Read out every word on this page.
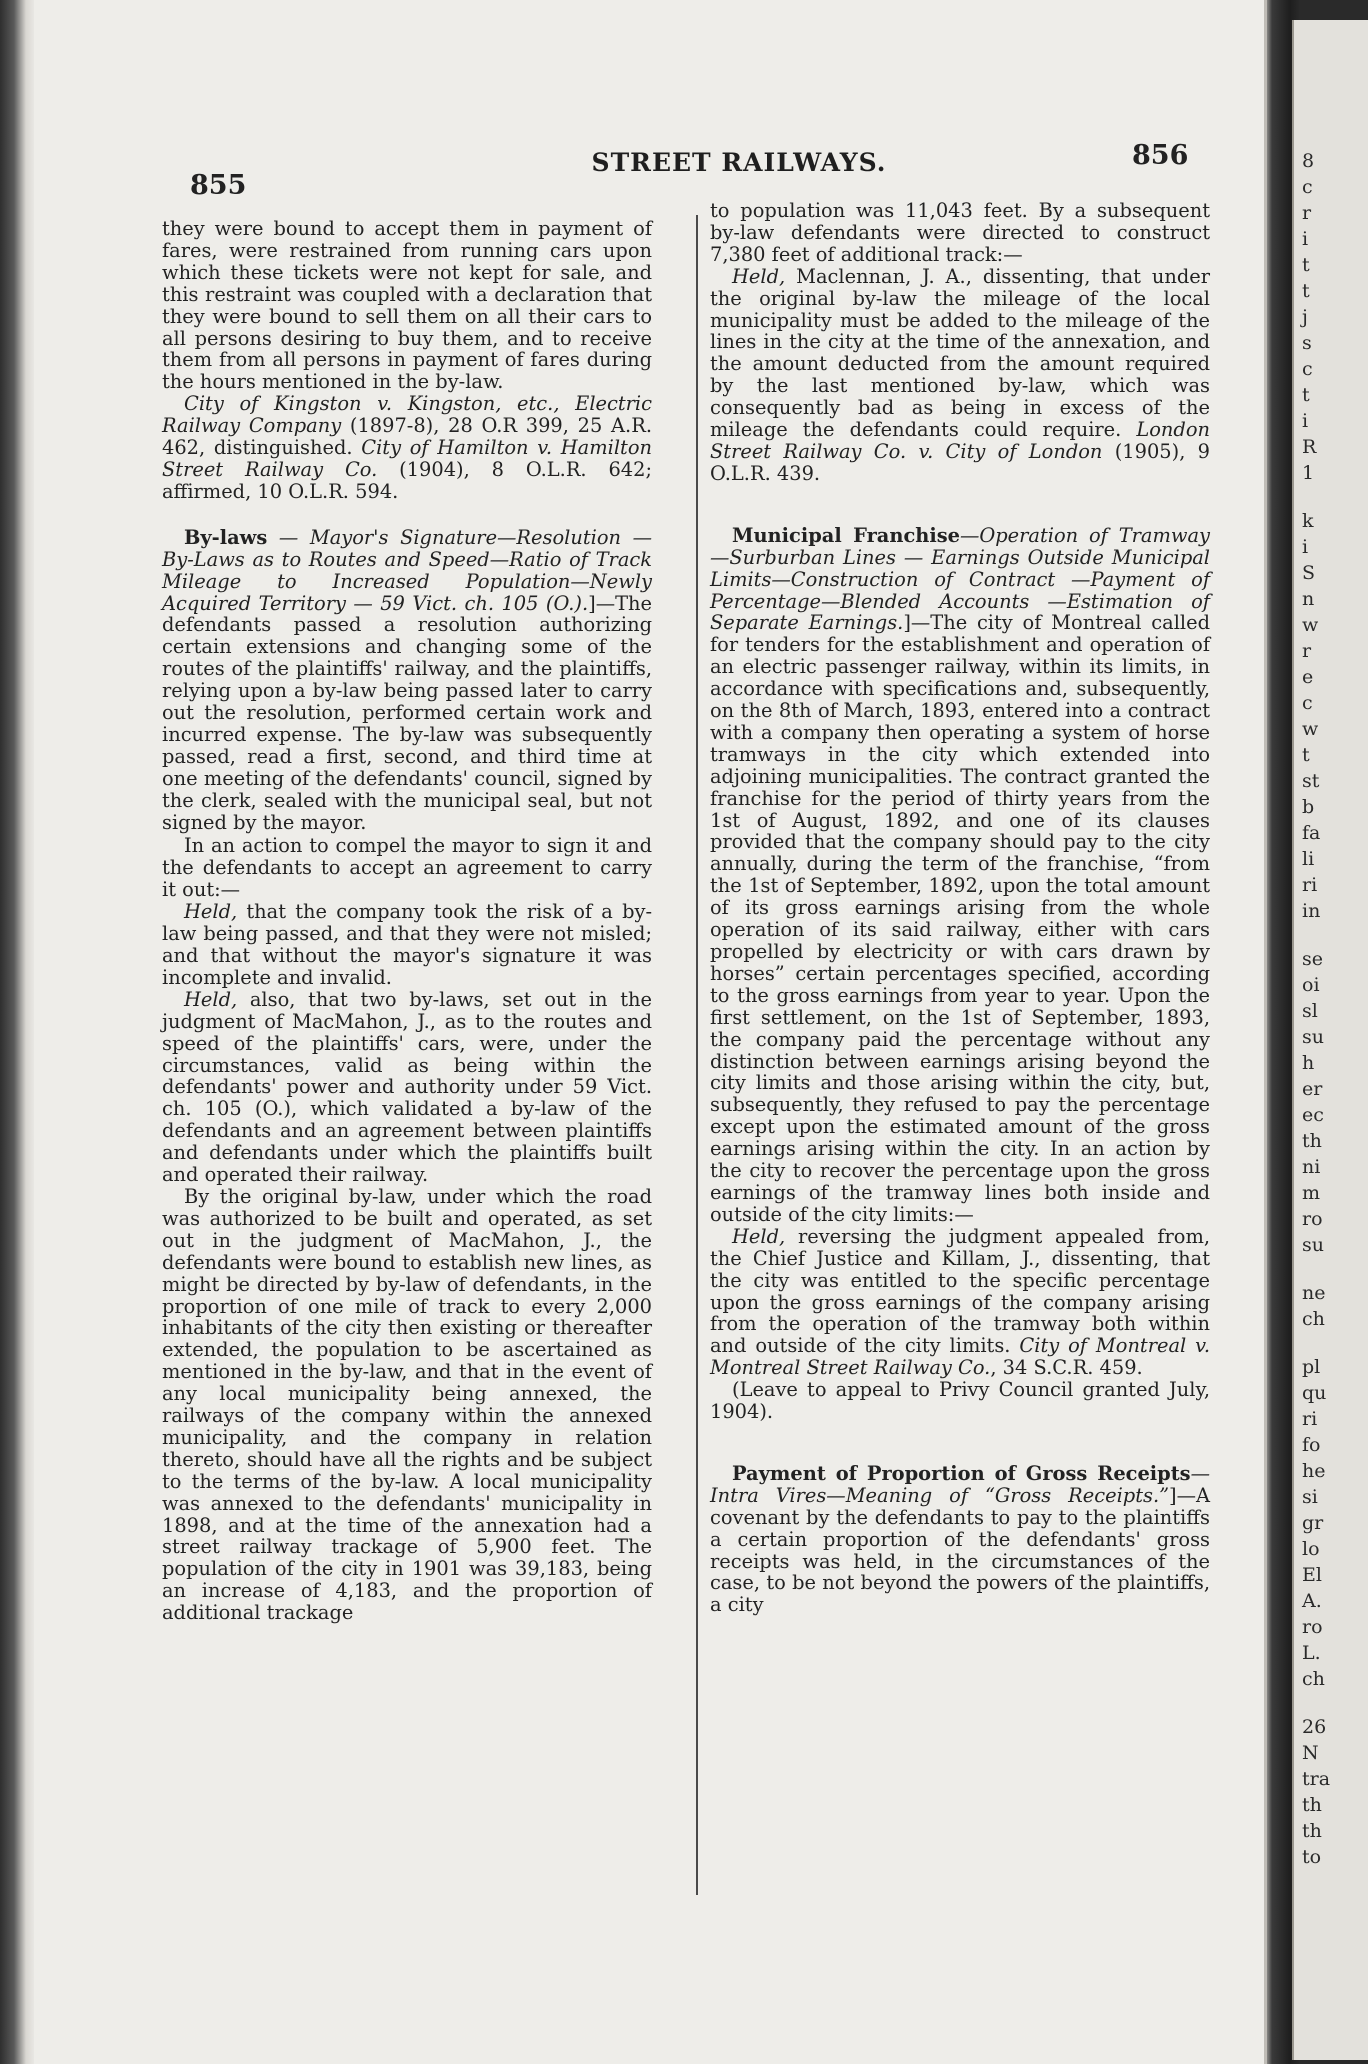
855
STREET RAILWAYS.	856

they were bound to accept them in payment of fares, were restrained from running cars upon which these tickets were not kept for sale, and this restraint was coupled with a declaration that they were bound to sell them on all their cars to all persons desiring to buy them, and to receive them from all persons in payment of fares during the hours mentioned in the by-law.

City of Kingston v. Kingston, etc., Electric Railway Company (1897-8), 28 O.R 399, 25 A.R. 462, distinguished. City of Hamilton v. Hamilton Street Railway Co. (1904), 8 O.L.R. 642; affirmed, 10 O.L.R. 594.

By-laws — Mayor's Signature—Resolution —By-Laws as to Routes and Speed—Ratio of Track Mileage to Increased Population—Newly Acquired Territory — 59 Vict. ch. 105 (O.).]—The defendants passed a resolution authorizing certain extensions and changing some of the routes of the plaintiffs' railway, and the plaintiffs, relying upon a by-law being passed later to carry out the resolution, performed certain work and incurred expense. The by-law was subsequently passed, read a first, second, and third time at one meeting of the defendants' council, signed by the clerk, sealed with the municipal seal, but not signed by the mayor.

In an action to compel the mayor to sign it and the defendants to accept an agreement to carry it out:—

Held, that the company took the risk of a by-law being passed, and that they were not misled; and that without the mayor's signature it was incomplete and invalid.

Held, also, that two by-laws, set out in the judgment of MacMahon, J., as to the routes and speed of the plaintiffs' cars, were, under the circumstances, valid as being within the defendants' power and authority under 59 Vict. ch. 105 (O.), which validated a by-law of the defendants and an agreement between plaintiffs and defendants under which the plaintiffs built and operated their railway.

By the original by-law, under which the road was authorized to be built and operated, as set out in the judgment of MacMahon, J., the defendants were bound to establish new lines, as might be directed by by-law of defendants, in the proportion of one mile of track to every 2,000 inhabitants of the city then existing or thereafter extended, the population to be ascertained as mentioned in the by-law, and that in the event of any local municipality being annexed, the railways of the company within the annexed municipality, and the company in relation thereto, should have all the rights and be subject to the terms of the by-law. A local municipality was annexed to the defendants' municipality in 1898, and at the time of the annexation had a street railway trackage of 5,900 feet. The population of the city in 1901 was 39,183, being an increase of 4,183, and the proportion of additional trackage

to population was 11,043 feet. By a subsequent by-law defendants were directed to construct 7,380 feet of additional track:—

Held, Maclennan, J. A., dissenting, that under the original by-law the mileage of the local municipality must be added to the mileage of the lines in the city at the time of the annexation, and the amount deducted from the amount required by the last mentioned by-law, which was consequently bad as being in excess of the mileage the defendants could require. London Street Railway Co. v. City of London (1905), 9 O.L.R. 439.

Municipal Franchise—Operation of Tramway—Surburban Lines — Earnings Outside Municipal Limits—Construction of Contract —Payment of Percentage—Blended Accounts —Estimation of Separate Earnings.]—The city of Montreal called for tenders for the establishment and operation of an electric passenger railway, within its limits, in accordance with specifications and, subsequently, on the 8th of March, 1893, entered into a contract with a company then operating a system of horse tramways in the city which extended into adjoining municipalities. The contract granted the franchise for the period of thirty years from the 1st of August, 1892, and one of its clauses provided that the company should pay to the city annually, during the term of the franchise, “from the 1st of September, 1892, upon the total amount of its gross earnings arising from the whole operation of its said railway, either with cars propelled by electricity or with cars drawn by horses” certain percentages specified, according to the gross earnings from year to year. Upon the first settlement, on the 1st of September, 1893, the company paid the percentage without any distinction between earnings arising beyond the city limits and those arising within the city, but, subsequently, they refused to pay the percentage except upon the estimated amount of the gross earnings arising within the city. In an action by the city to recover the percentage upon the gross earnings of the tramway lines both inside and outside of the city limits:—

Held, reversing the judgment appealed from, the Chief Justice and Killam, J., dissenting, that the city was entitled to the specific percentage upon the gross earnings of the company arising from the operation of the tramway both within and outside of the city limits. City of Montreal v. Montreal Street Railway Co., 34 S.C.R. 459.

(Leave to appeal to Privy Council granted July, 1904).

Payment of Proportion of Gross Receipts—Intra Vires—Meaning of “Gross Receipts.”]—A covenant by the defendants to pay to the plaintiffs a certain proportion of the defendants' gross receipts was held, in the circumstances of the case, to be not beyond the powers of the plaintiffs, a city

8
c
r
i
t
t
j
s
c
t
i
R
1
k
i
S
n
w
r
e
c
w
t
st
b
fa
li
ri
in
se
oi
sl
su
h
er
ec
th
ni
m
ro
su
ne
ch
pl
qu
ri
fo
he
si
gr
lo
El
A.
ro
L.
ch
26
N
tra
th
th
to
